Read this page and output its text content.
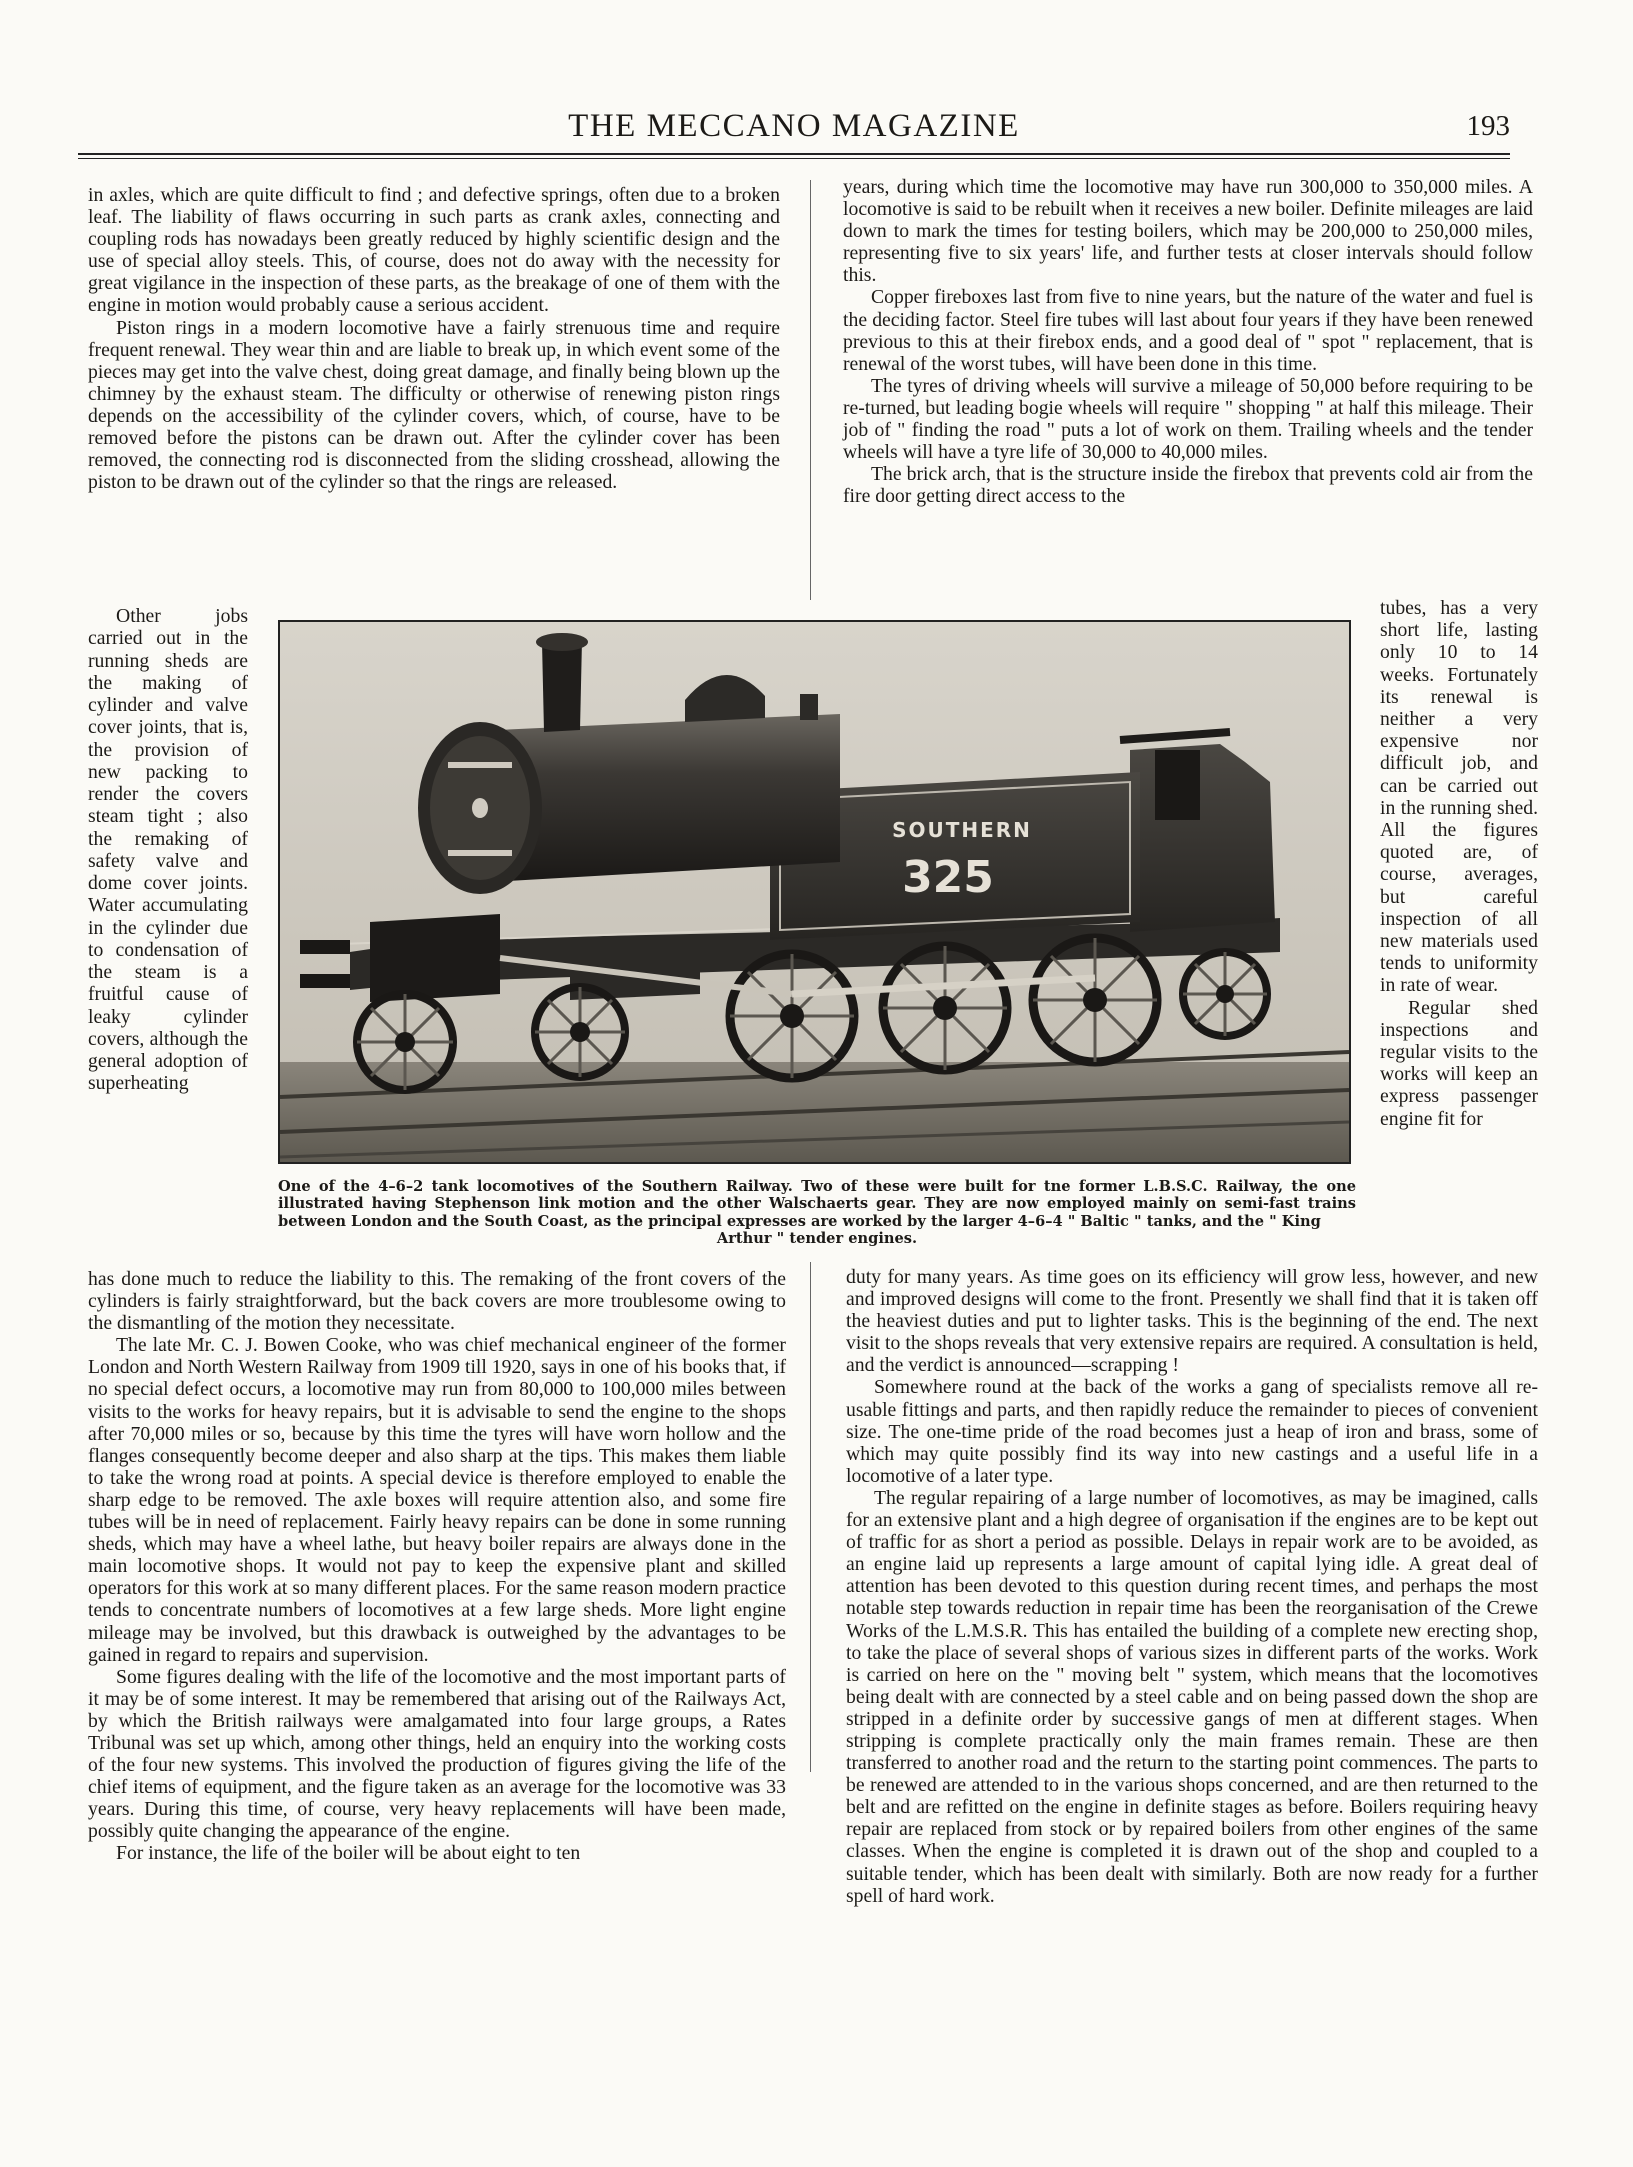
THE MECCANO MAGAZINE	193

in axles, which are quite difficult to find ; and defective springs, often due to a broken leaf. The liability of flaws occurring in such parts as crank axles, connecting and coupling rods has nowadays been greatly reduced by highly scientific design and the use of special alloy steels. This, of course, does not do away with the necessity for great vigilance in the inspection of these parts, as the breakage of one of them with the engine in motion would probably cause a serious accident.

Piston rings in a modern locomotive have a fairly strenuous time and require frequent renewal. They wear thin and are liable to break up, in which event some of the pieces may get into the valve chest, doing great damage, and finally being blown up the chimney by the exhaust steam. The difficulty or otherwise of renewing piston rings depends on the accessibility of the cylinder covers, which, of course, have to be removed before the pistons can be drawn out. After the cylinder cover has been removed, the connecting rod is disconnected from the sliding crosshead, allowing the piston to be drawn out of the cylinder so that the rings are released.

Other jobs carried out in the running sheds are the making of cylinder and valve cover joints, that is, the provision of new packing to render the covers steam tight ; also the remaking of safety valve and dome cover joints. Water accumulating in the cylinder due to condensation of the steam is a fruitful cause of leaky cylinder covers, although the general adoption of superheating

years, during which time the locomotive may have run 300,000 to 350,000 miles. A locomotive is said to be rebuilt when it receives a new boiler. Definite mileages are laid down to mark the times for testing boilers, which may be 200,000 to 250,000 miles, representing five to six years' life, and further tests at closer intervals should follow this.

Copper fireboxes last from five to nine years, but the nature of the water and fuel is the deciding factor. Steel fire tubes will last about four years if they have been renewed previous to this at their firebox ends, and a good deal of " spot " replacement, that is renewal of the worst tubes, will have been done in this time.

The tyres of driving wheels will survive a mileage of 50,000 before requiring to be re-turned, but leading bogie wheels will require " shopping " at half this mileage. Their job of " finding the road " puts a lot of work on them. Trailing wheels and the tender wheels will have a tyre life of 30,000 to 40,000 miles.

The brick arch, that is the structure inside the firebox that prevents cold air from the fire door getting direct access to the

tubes, has a very short life, lasting only 10 to 14 weeks. Fortunately its renewal is neither a very expensive nor difficult job, and can be carried out in the running shed. All the figures quoted are, of course, averages, but careful inspection of all new materials used tends to uniformity in rate of wear.

Regular shed inspections and regular visits to the works will keep an express passenger engine fit for

SOUTHERN
325
One of the 4–6–2 tank locomotives of the Southern Railway. Two of these were built for tne former L.B.S.C. Railway, the one illustrated having Stephenson link motion and the other Walschaerts gear. They are now employed mainly on semi-fast trains between London and the South Coast, as the principal expresses are worked by the larger 4–6–4 " Baltic " tanks, and the " King
Arthur " tender engines.

has done much to reduce the liability to this. The remaking of the front covers of the cylinders is fairly straightforward, but the back covers are more troublesome owing to the dismantling of the motion they necessitate.

The late Mr. C. J. Bowen Cooke, who was chief mechanical engineer of the former London and North Western Railway from 1909 till 1920, says in one of his books that, if no special defect occurs, a locomotive may run from 80,000 to 100,000 miles between visits to the works for heavy repairs, but it is advisable to send the engine to the shops after 70,000 miles or so, because by this time the tyres will have worn hollow and the flanges consequently become deeper and also sharp at the tips. This makes them liable to take the wrong road at points. A special device is therefore employed to enable the sharp edge to be removed. The axle boxes will require attention also, and some fire tubes will be in need of replacement. Fairly heavy repairs can be done in some running sheds, which may have a wheel lathe, but heavy boiler repairs are always done in the main locomotive shops. It would not pay to keep the expensive plant and skilled operators for this work at so many different places. For the same reason modern practice tends to concentrate numbers of locomotives at a few large sheds. More light engine mileage may be involved, but this drawback is outweighed by the advantages to be gained in regard to repairs and supervision.

Some figures dealing with the life of the locomotive and the most important parts of it may be of some interest. It may be remembered that arising out of the Railways Act, by which the British railways were amalgamated into four large groups, a Rates Tribunal was set up which, among other things, held an enquiry into the working costs of the four new systems. This involved the production of figures giving the life of the chief items of equipment, and the figure taken as an average for the locomotive was 33 years. During this time, of course, very heavy replacements will have been made, possibly quite changing the appearance of the engine.

For instance, the life of the boiler will be about eight to ten

duty for many years. As time goes on its efficiency will grow less, however, and new and improved designs will come to the front. Presently we shall find that it is taken off the heaviest duties and put to lighter tasks. This is the beginning of the end. The next visit to the shops reveals that very extensive repairs are required. A consultation is held, and the verdict is announced—scrapping !

Somewhere round at the back of the works a gang of specialists remove all re-usable fittings and parts, and then rapidly reduce the remainder to pieces of convenient size. The one-time pride of the road becomes just a heap of iron and brass, some of which may quite possibly find its way into new castings and a useful life in a locomotive of a later type.

The regular repairing of a large number of locomotives, as may be imagined, calls for an extensive plant and a high degree of organisation if the engines are to be kept out of traffic for as short a period as possible. Delays in repair work are to be avoided, as an engine laid up represents a large amount of capital lying idle. A great deal of attention has been devoted to this question during recent times, and perhaps the most notable step towards reduction in repair time has been the reorganisation of the Crewe Works of the L.M.S.R. This has entailed the building of a complete new erecting shop, to take the place of several shops of various sizes in different parts of the works. Work is carried on here on the " moving belt " system, which means that the locomotives being dealt with are connected by a steel cable and on being passed down the shop are stripped in a definite order by successive gangs of men at different stages. When stripping is complete practically only the main frames remain. These are then transferred to another road and the return to the starting point commences. The parts to be renewed are attended to in the various shops concerned, and are then returned to the belt and are refitted on the engine in definite stages as before. Boilers requiring heavy repair are replaced from stock or by repaired boilers from other engines of the same classes. When the engine is completed it is drawn out of the shop and coupled to a suitable tender, which has been dealt with similarly. Both are now ready for a further spell of hard work.
